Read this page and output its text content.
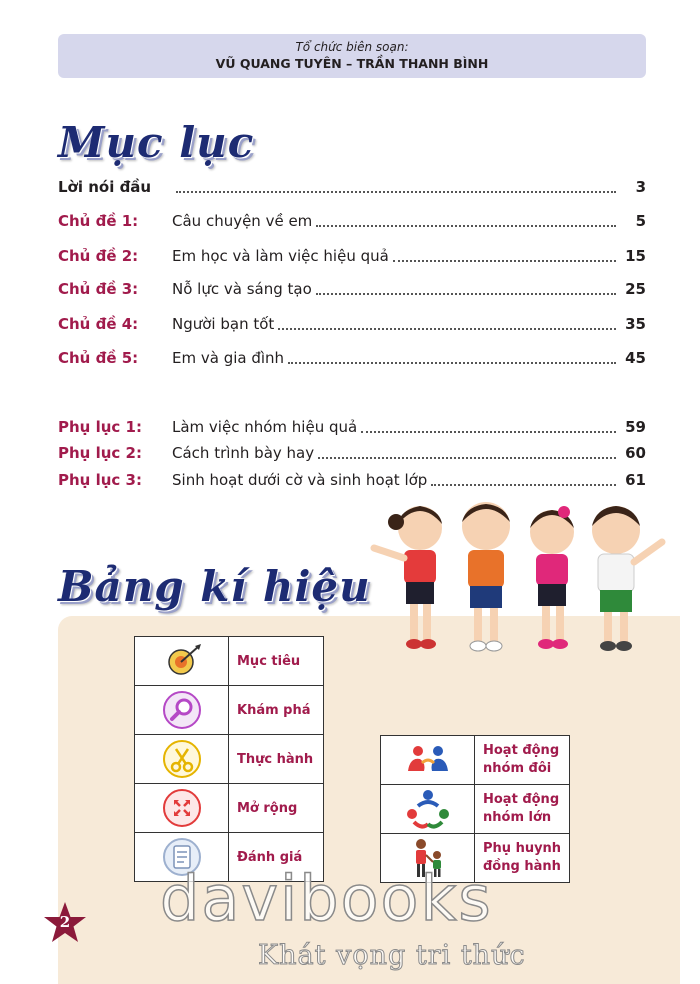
Tổ chức biên soạn:
VŨ QUANG TUYÊN – TRẦN THANH BÌNH
Mục lục
Lời nói đầu	3
Chủ đề 1:	Câu chuyện về em	5
Chủ đề 2:	Em học và làm việc hiệu quả	15
Chủ đề 3:	Nỗ lực và sáng tạo	25
Chủ đề 4:	Người bạn tốt	35
Chủ đề 5:	Em và gia đình	45
Phụ lục 1:	Làm việc nhóm hiệu quả	59
Phụ lục 2:	Cách trình bày hay	60
Phụ lục 3:	Sinh hoạt dưới cờ và sinh hoạt lớp	61
Bảng kí hiệu
	Mục tiêu
	Khám phá
	Thực hành
	Mở rộng
	Đánh giá

Hoạt động
nhóm đôi

Hoạt động
nhóm lớn

Phụ huynh
đồng hành
2 davibooks
Khát vọng tri thức
